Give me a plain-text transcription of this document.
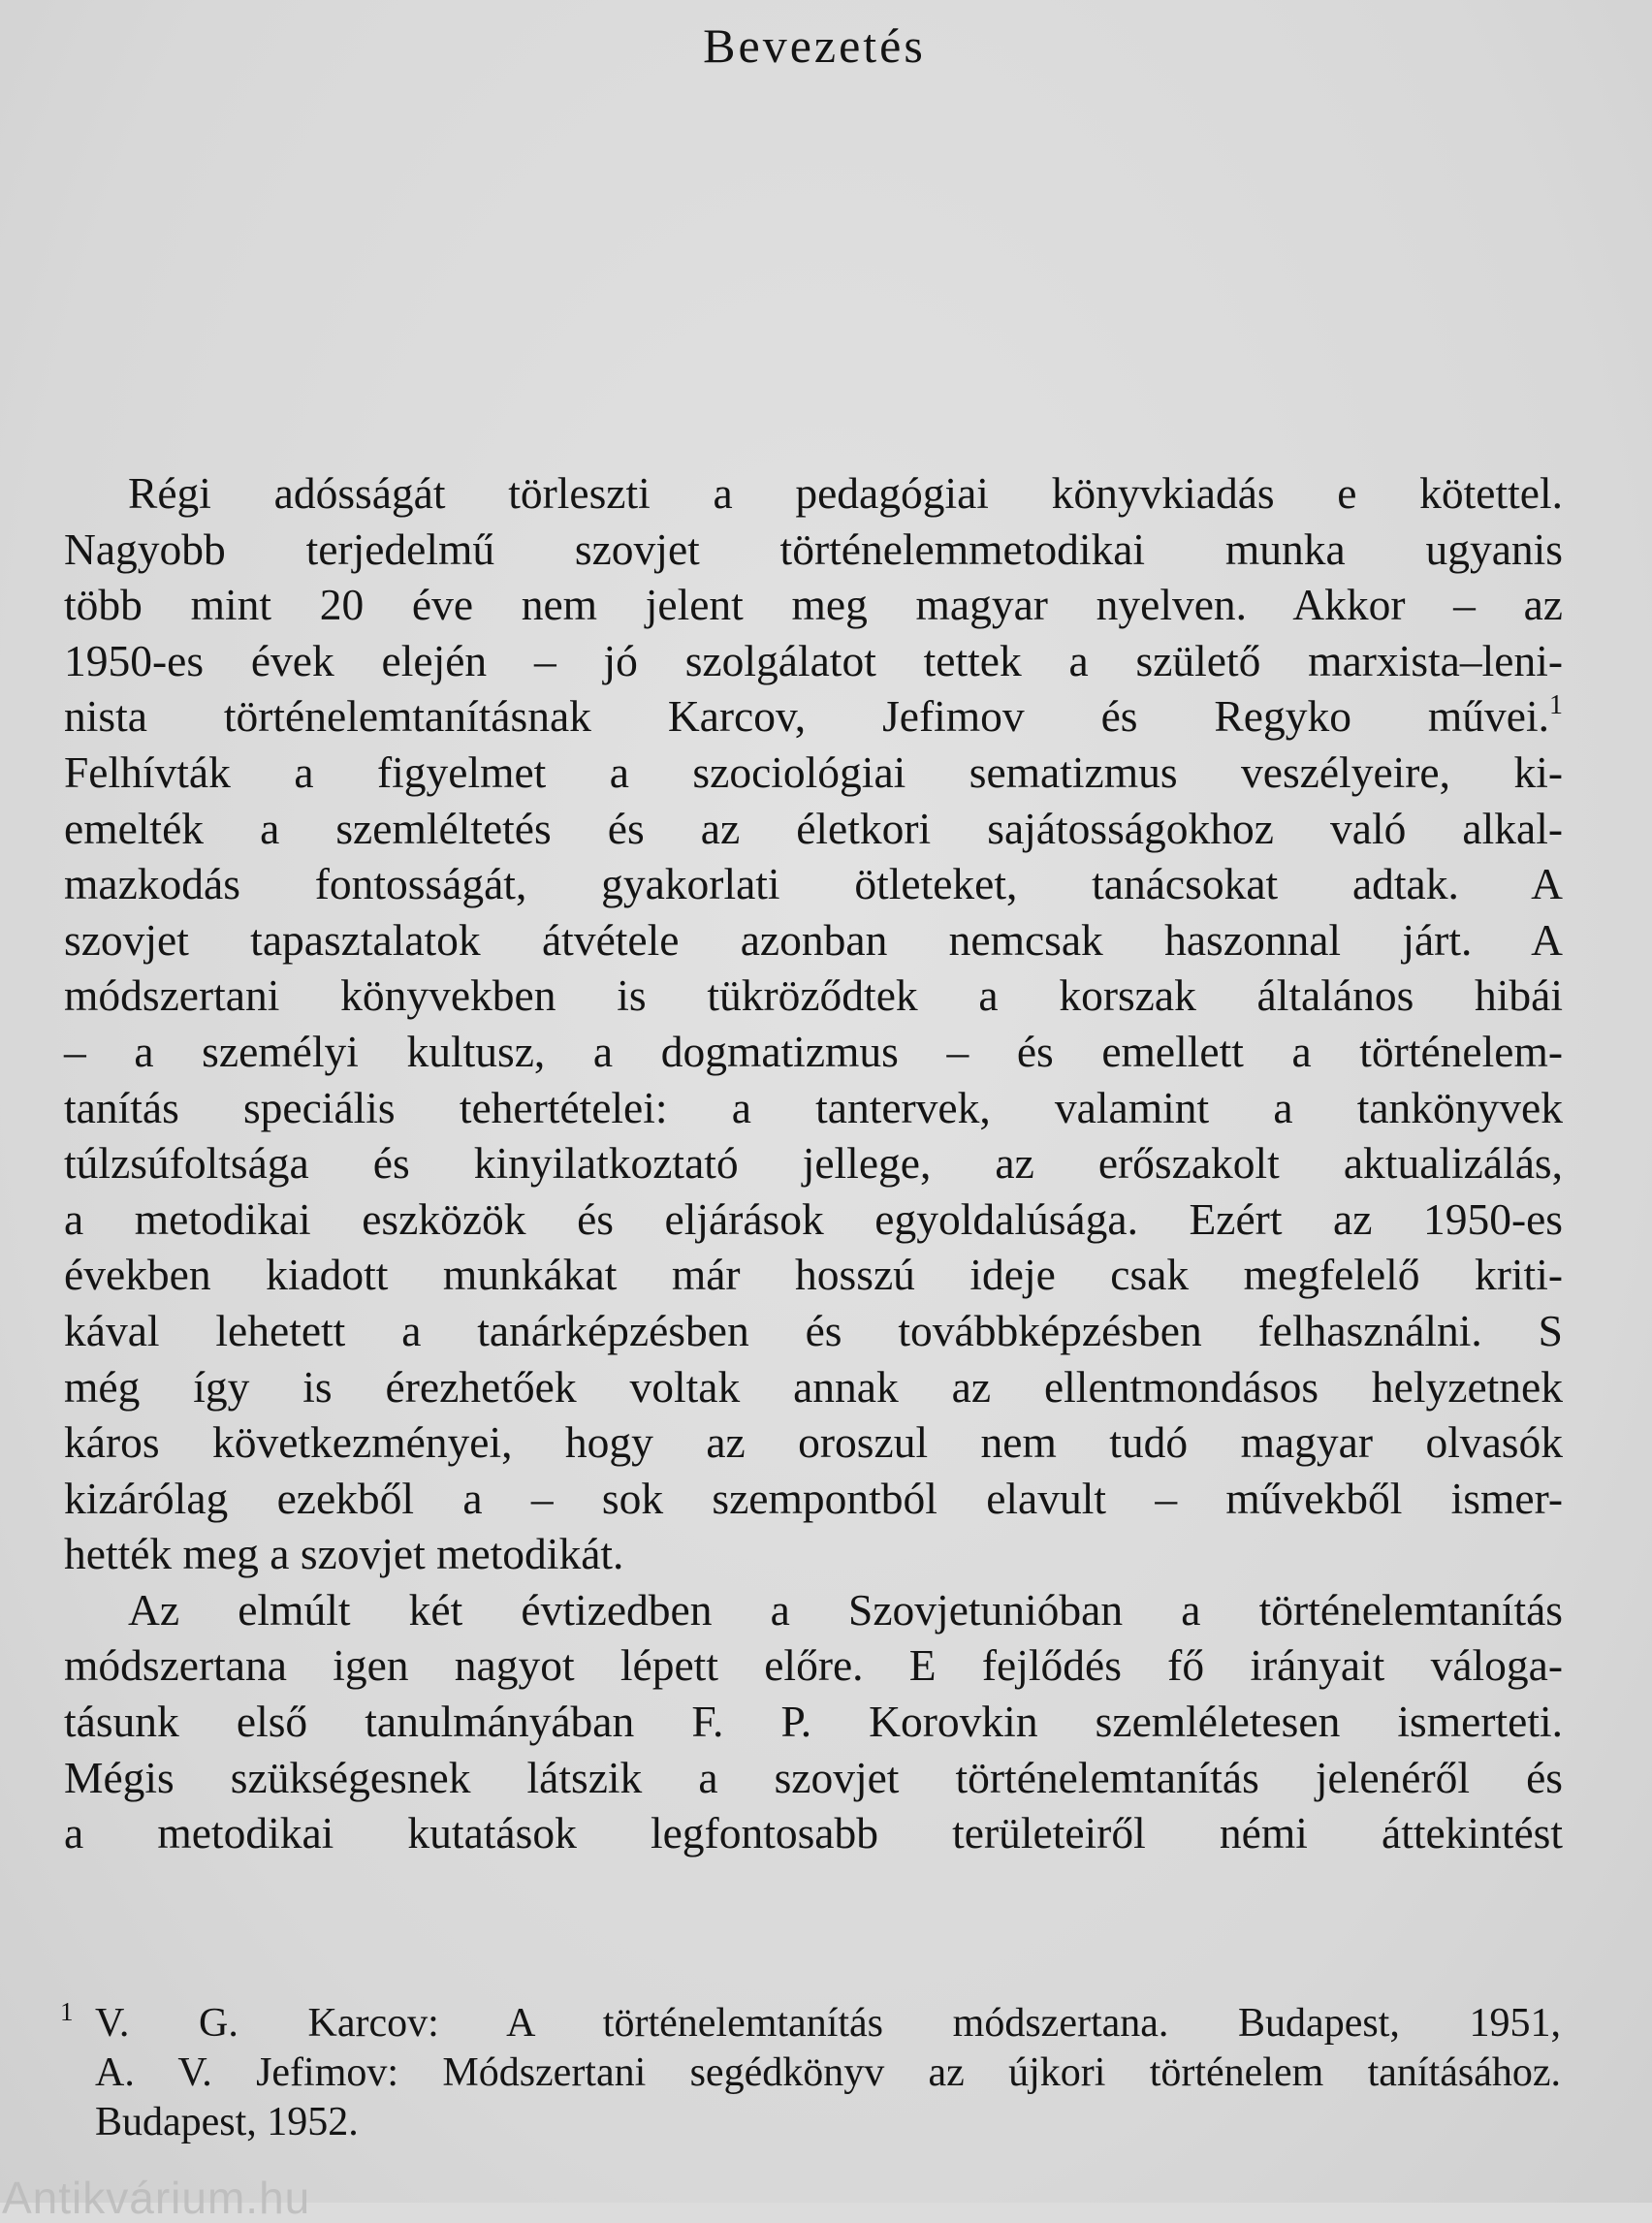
Bevezetés
Régi adósságát törleszti a pedagógiai könyvkiadás e kötettel.
Nagyobb terjedelmű szovjet történelemmetodikai munka ugyanis
több mint 20 éve nem jelent meg magyar nyelven. Akkor – az
1950-es évek elején – jó szolgálatot tettek a születő marxista–leni-
nista történelemtanításnak Karcov, Jefimov és Regyko művei.$^1$
Felhívták a figyelmet a szociológiai sematizmus veszélyeire, ki-
emelték a szemléltetés és az életkori sajátosságokhoz való alkal-
mazkodás fontosságát, gyakorlati ötleteket, tanácsokat adtak. A
szovjet tapasztalatok átvétele azonban nemcsak haszonnal járt. A
módszertani könyvekben is tükröződtek a korszak általános hibái
– a személyi kultusz, a dogmatizmus – és emellett a történelem-
tanítás speciális tehertételei: a tantervek, valamint a tankönyvek
túlzsúfoltsága és kinyilatkoztató jellege, az erőszakolt aktualizálás,
a metodikai eszközök és eljárások egyoldalúsága. Ezért az 1950-es
években kiadott munkákat már hosszú ideje csak megfelelő kriti-
kával lehetett a tanárképzésben és továbbképzésben felhasználni. S
még így is érezhetőek voltak annak az ellentmondásos helyzetnek
káros következményei, hogy az oroszul nem tudó magyar olvasók
kizárólag ezekből a – sok szempontból elavult – művekből ismer-
hették meg a szovjet metodikát.
Az elmúlt két évtizedben a Szovjetunióban a történelemtanítás
módszertana igen nagyot lépett előre. E fejlődés fő irányait váloga-
tásunk első tanulmányában F. P. Korovkin szemléletesen ismerteti.
Mégis szükségesnek látszik a szovjet történelemtanítás jelenéről és
a metodikai kutatások legfontosabb területeiről némi áttekintést
1 V. G. Karcov: A történelemtanítás módszertana. Budapest, 1951,
A. V. Jefimov: Módszertani segédkönyv az újkori történelem tanításához.
Budapest, 1952.
Antikvárium.hu
